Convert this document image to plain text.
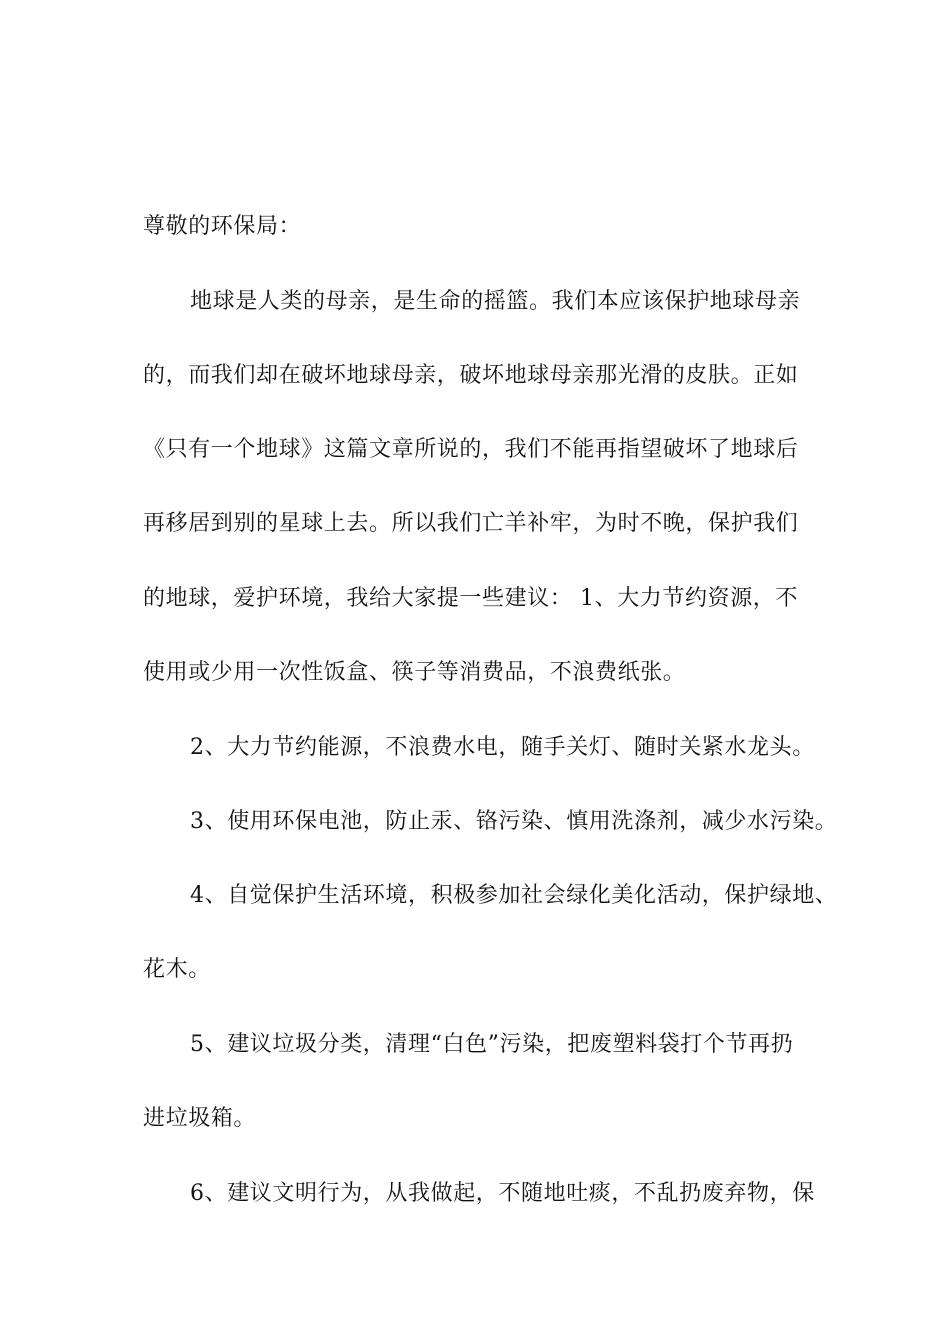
尊敬的环保局：
地球是人类的母亲，是生命的摇篮。我们本应该保护地球母亲
的，而我们却在破坏地球母亲，破坏地球母亲那光滑的皮肤。正如
《只有一个地球》这篇文章所说的，我们不能再指望破坏了地球后
再移居到别的星球上去。所以我们亡羊补牢，为时不晚，保护我们
的地球，爱护环境，我给大家提一些建议： 1、大力节约资源，不
使用或少用一次性饭盒、筷子等消费品，不浪费纸张。
2、大力节约能源，不浪费水电，随手关灯、随时关紧水龙头。
3、使用环保电池，防止汞、铬污染、慎用洗涤剂，减少水污染。
4、自觉保护生活环境，积极参加社会绿化美化活动，保护绿地、
花木。
5、建议垃圾分类，清理“白色”污染，把废塑料袋打个节再扔
进垃圾箱。
6、建议文明行为，从我做起，不随地吐痰，不乱扔废弃物，保
